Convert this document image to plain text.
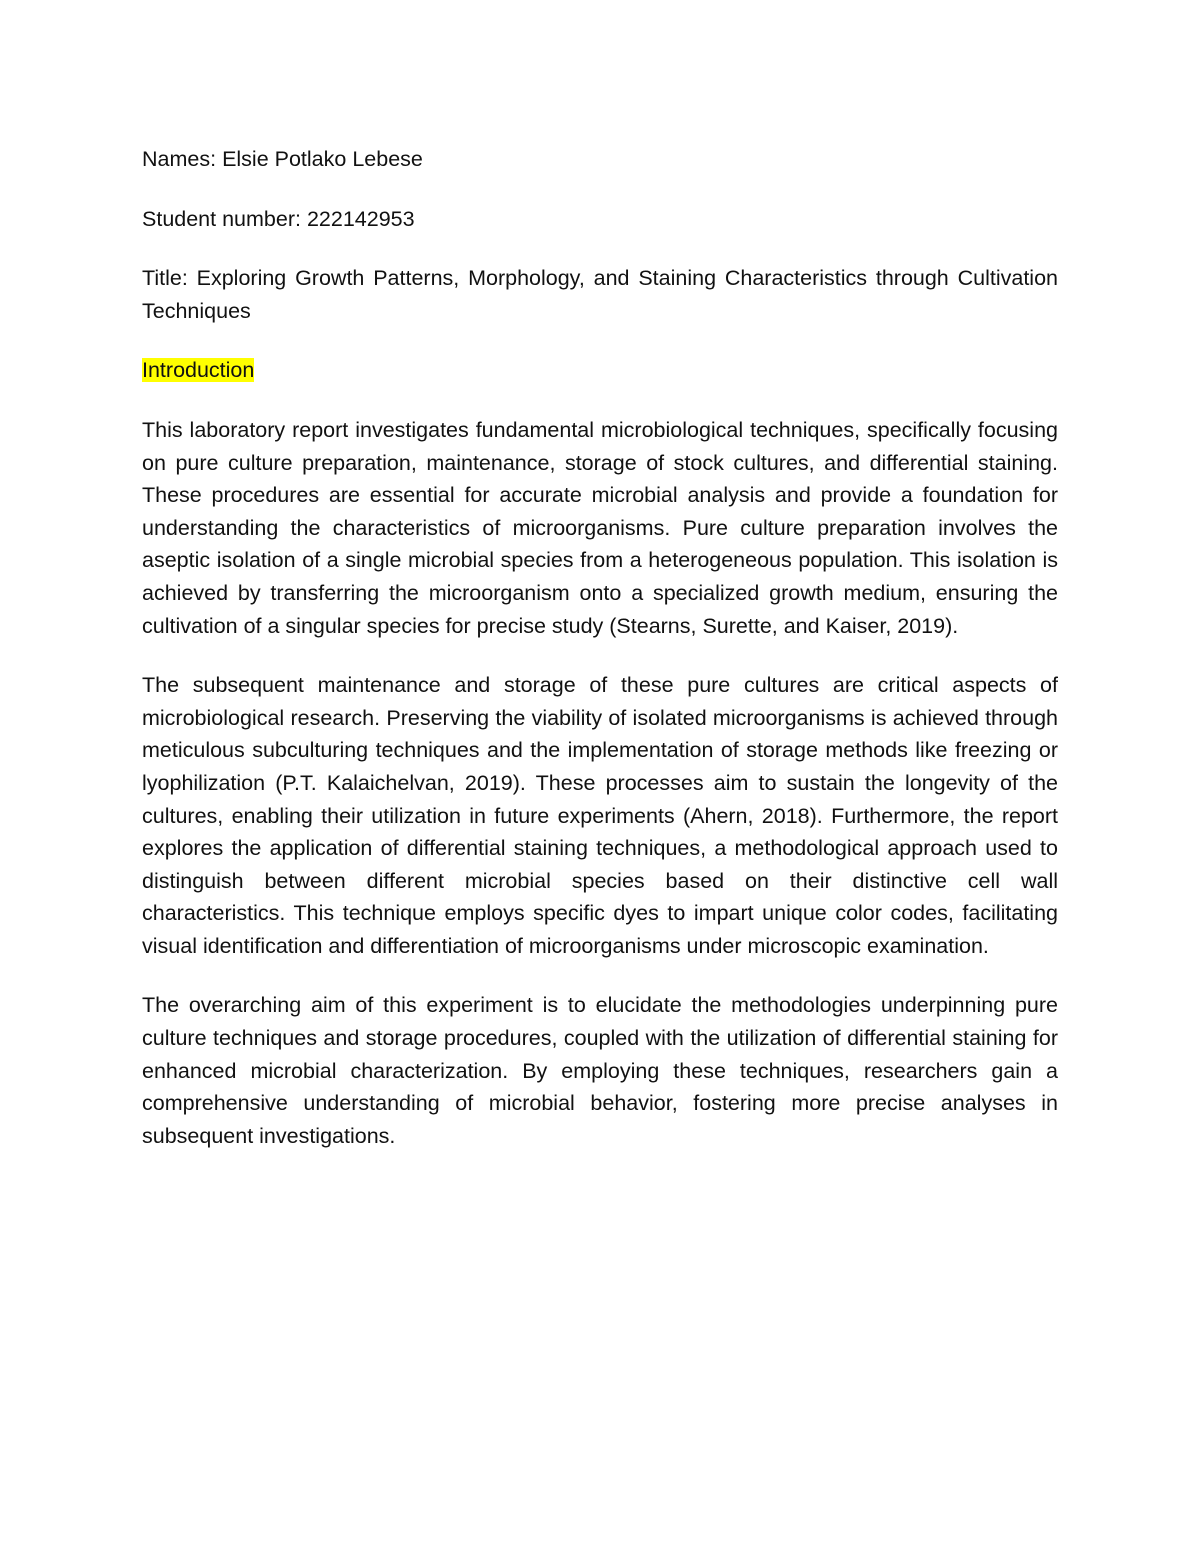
Names: Elsie Potlako Lebese
Student number: 222142953
Title: Exploring Growth Patterns, Morphology, and Staining Characteristics through Cultivation Techniques
Introduction

This laboratory report investigates fundamental microbiological techniques, specifically focusing on pure culture preparation, maintenance, storage of stock cultures, and differential staining. These procedures are essential for accurate microbial analysis and provide a foundation for understanding the characteristics of microorganisms. Pure culture preparation involves the aseptic isolation of a single microbial species from a heterogeneous population. This isolation is achieved by transferring the microorganism onto a specialized growth medium, ensuring the cultivation of a singular species for precise study (Stearns, Surette, and Kaiser, 2019).

The subsequent maintenance and storage of these pure cultures are critical aspects of microbiological research. Preserving the viability of isolated microorganisms is achieved through meticulous subculturing techniques and the implementation of storage methods like freezing or lyophilization (P.T. Kalaichelvan, 2019). These processes aim to sustain the longevity of the cultures, enabling their utilization in future experiments (Ahern, 2018). Furthermore, the report explores the application of differential staining techniques, a methodological approach used to distinguish between different microbial species based on their distinctive cell wall characteristics. This technique employs specific dyes to impart unique color codes, facilitating visual identification and differentiation of microorganisms under microscopic examination.

The overarching aim of this experiment is to elucidate the methodologies underpinning pure culture techniques and storage procedures, coupled with the utilization of differential staining for enhanced microbial characterization. By employing these techniques, researchers gain a comprehensive understanding of microbial behavior, fostering more precise analyses in subsequent investigations.
